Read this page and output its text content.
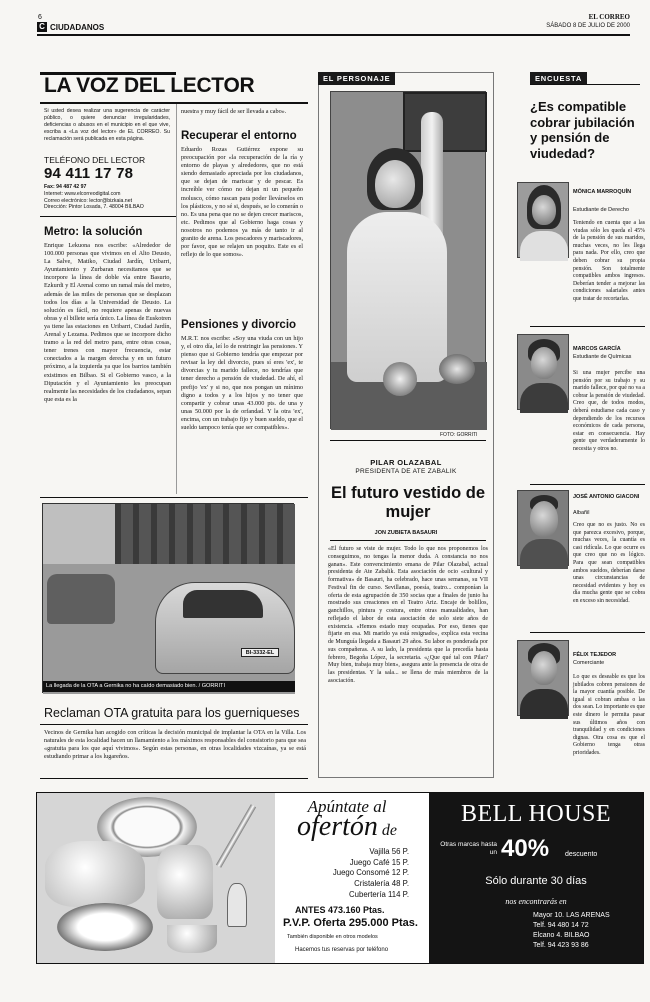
6
C CIUDADANOS
EL CORREO
SÁBADO 8 DE JULIO DE 2000
LA VOZ DEL LECTOR
Si usted desea realizar una sugerencia de carácter público, o quiere denunciar irregularidades, deficiencias o abusos en el municipio en el que vive, escriba a «La voz del lector» de EL CORREO. Su reclamación será publicada en esta página.
TELÉFONO DEL LECTOR
94 411 17 78
Fax: 94 487 42 97
Internet: www.elcorreodigital.com
Correo electrónico: lector@bizkaia.net
Dirección: Pintor Losada, 7. 48004 BILBAO
Metro: la solución
Enrique Lekuona nos escribe: «Alrededor de 100.000 personas que vivimos en el Alto Deusto, La Salve, Matiko, Ciudad Jardín, Uribarri, Ayuntamiento y Zurbaran necesitamos que se incorpore la línea de doble vía entre Basurto, Ezkurdi y El Arenal como un ramal más del metro, además de las miles de personas que se desplazan todos los días a la Universidad de Deusto. La solución es fácil, no requiere apenas de nuevas obras y el billete sería único. La línea de Euskotren ya tiene las estaciones en Uribarri, Ciudad Jardín, Arenal y Lezama. Pedimos que se incorpore dicho tramo a la red del metro para, entre otras cosas, tener trenes con mayor frecuencia, estar conectados a la margen derecha y en un futuro próximo, a la izquierda ya que los barrios también existimos en Bilbao. Si el Gobierno vasco, a la Diputación y el Ayuntamiento les preocupan realmente las necesidades de los ciudadanos, sepan que esta es la
nuestra y muy fácil de ser llevada a cabo».
Recuperar el entorno
Eduardo Rozas Gutiérrez expone su preocupación por «la recuperación de la ría y entorno de playas y alrededores, que no está siendo demasiado apreciada por los ciudadanos, que se dejan de mariscar y de pescar. Es increíble ver cómo no dejan ni un pequeño molusco, cómo rascan para poder llevárselos en los plásticos, y no sé si, después, se lo comerán o no. Es una pena que no se dejen crecer mariscos, etc. Pedimos que al Gobierno haga cosas y nosotros no podemos ya más de tanto ir al granito de arena. Los pescadores y mariscadores, por favor, que se relajen un poquito. Este es el reflejo de lo que somos».
Pensiones y divorcio
M.R.T. nos escribe: «Soy una viuda con un hijo y, el otro día, leí lo de restringir las pensiones. Y pienso que si Gobierno tendría que empezar por revisar la ley del divorcio, pues sí eres 'ex', te divorcias y tu marido fallece, no tendrías que tener derecho a pensión de viudedad. De ahí, el prefijo 'ex' y si no, que nos pongan un mínimo digno a todos y a los hijos y no tener que compartir y cobrar unas 43.000 pts. de una y unas 50.000 por la de orfandad. Y la otra 'ex', encima, con un trabajo fijo y buen sueldo, que el sueldo tampoco tenía que ser compatibles».
BI-3332-EL
La llegada de la OTA a Gernika no ha caído demasiado bien. / GORRITI
Reclaman OTA gratuita para los guerniqueses
Vecinos de Gernika han acogido con críticas la decisión municipal de implantar la OTA en la Villa. Los naturales de esta localidad hacen un llamamiento a los máximos responsables del consistorio para que sea «gratuita para los que aquí vivimos». Según estas personas, en otras localidades vizcaínas, ya se está estudiando primar a los lugareños.
EL PERSONAJE
FOTO: GORRITI
PILAR OLAZABAL
PRESIDENTA DE ATE ZABALIK
El futuro vestido de mujer
JON ZUBIETA BASAURI
«El futuro se viste de mujer. Todo lo que nos proponemos los conseguimos, no tengas la menor duda. A constancia no nos ganan». Este convencimiento emana de Pilar Olazabal, actual presidenta de Ate Zabalik. Esta asociación de ocio «cultural y formativa» de Basauri, ha celebrado, hace unas semanas, su VII Festival fin de curso. Sevillanas, poesía, teatro... componían la oferta de esta agrupación de 350 socias que a finales de junio ha mostrado sus creaciones en el Teatro Ariz. Encaje de bolillos, ganchillos, pintura y costura, entre otras manualidades, han reflejado el labor de esta asociación de solo siete años de existencia. «Hemos estado muy ocupadas. Por eso, tienes que fijarte en esa. Mi marido ya está resignado», explica esta vecina de Munguía llegada a Basauri 29 años. Su labor es ponderada por sus compañeras. A su lado, la presidenta que la precedía hasta febrero, Begoña López, la secretaria. «¿Que qué tal con Pilar? Muy bien, trabaja muy bien», asegura ante la presencia de otra de las presidentas. Y la sala... se llena de más miembros de la asociación.
ENCUESTA
¿Es compatible cobrar jubilación y pensión de viudedad?
MÓNICA MARROQUÍN
Estudiante de Derecho
Teniendo en cuenta que a las viudas sólo les queda el 45% de la pensión de sus maridos, muchas veces, no les llega para nada. Por ello, creo que deben cobrar su propia pensión. Son totalmente compatibles ambos ingresos. Deberían tender a mejorar las condiciones salariales antes que tratar de recortarlas.
MARCOS GARCÍA
Estudiante de Químicas
Si una mujer percibe una pensión por su trabajo y su marido fallece, por qué no va a cobrar la pensión de viudedad. Creo que, de todos modos, deberá estudiarse cada caso y dependiendo de los recursos económicos de cada persona, estar en consecuencia. Hay gente que verdaderamente lo necesita y otros no.
JOSÉ ANTONIO GIACONI
Albañil
Creo que no es justo. No es que parezca excesivo, porque, muchas veces, la cuantía es casi ridícula. Lo que ocurre es que creo que no es lógico. Para que sean compatibles ambos sueldos, deberían darse unas circunstancias de necesidad evidentes y hoy es día mucha gente que se cobra en exceso sin necesidad.
FÉLIX TEJEDOR
Comerciante
Lo que es deseable es que los jubilados cobren pensiones de la mayor cuantía posible. De igual si cobran ambas o las dos sean. Lo importante es que este dinero le permita pasar sus últimos años con tranquilidad y en condiciones dignas. Otra cosa es que el Gobierno tenga otras prioridades.
Apúntate al
ofertón de
Vajilla 56 P.
Juego Café 15 P.
Juego Consomé 12 P.
Cristalería 48 P.
Cubertería 114 P.
ANTES 473.160 Ptas.
P.V.P. Oferta 295.000 Ptas.
También disponible en otros modelos
Hacemos tus reservas por teléfono
BELL HOUSE
Otras marcas hasta un 40% descuento
Sólo durante 30 días
nos encontrarás en
Mayor 10. LAS ARENAS
Telf. 94 480 14 72
Elcano 4. BILBAO
Telf. 94 423 93 86
